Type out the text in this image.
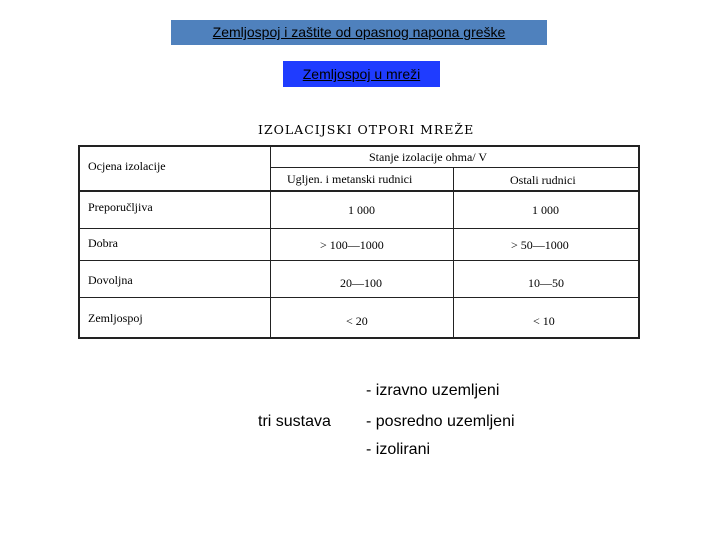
Zemljospoj i zaštite od opasnog napona greške
Zemljospoj u mreži
IZOLACIJSKI OTPORI MREŽE
Ocjena izolacije
Stanje izolacije ohma/ V
Ugljen. i metanski rudnici	Ostali rudnici
Preporučljiva	1 000	1 000
Dobra	> 100—1000	> 50—1000
Dovoljna	20—100	10—50
Zemljospoj	< 20	< 10
tri sustava
- izravno uzemljeni
- posredno uzemljeni
- izolirani
